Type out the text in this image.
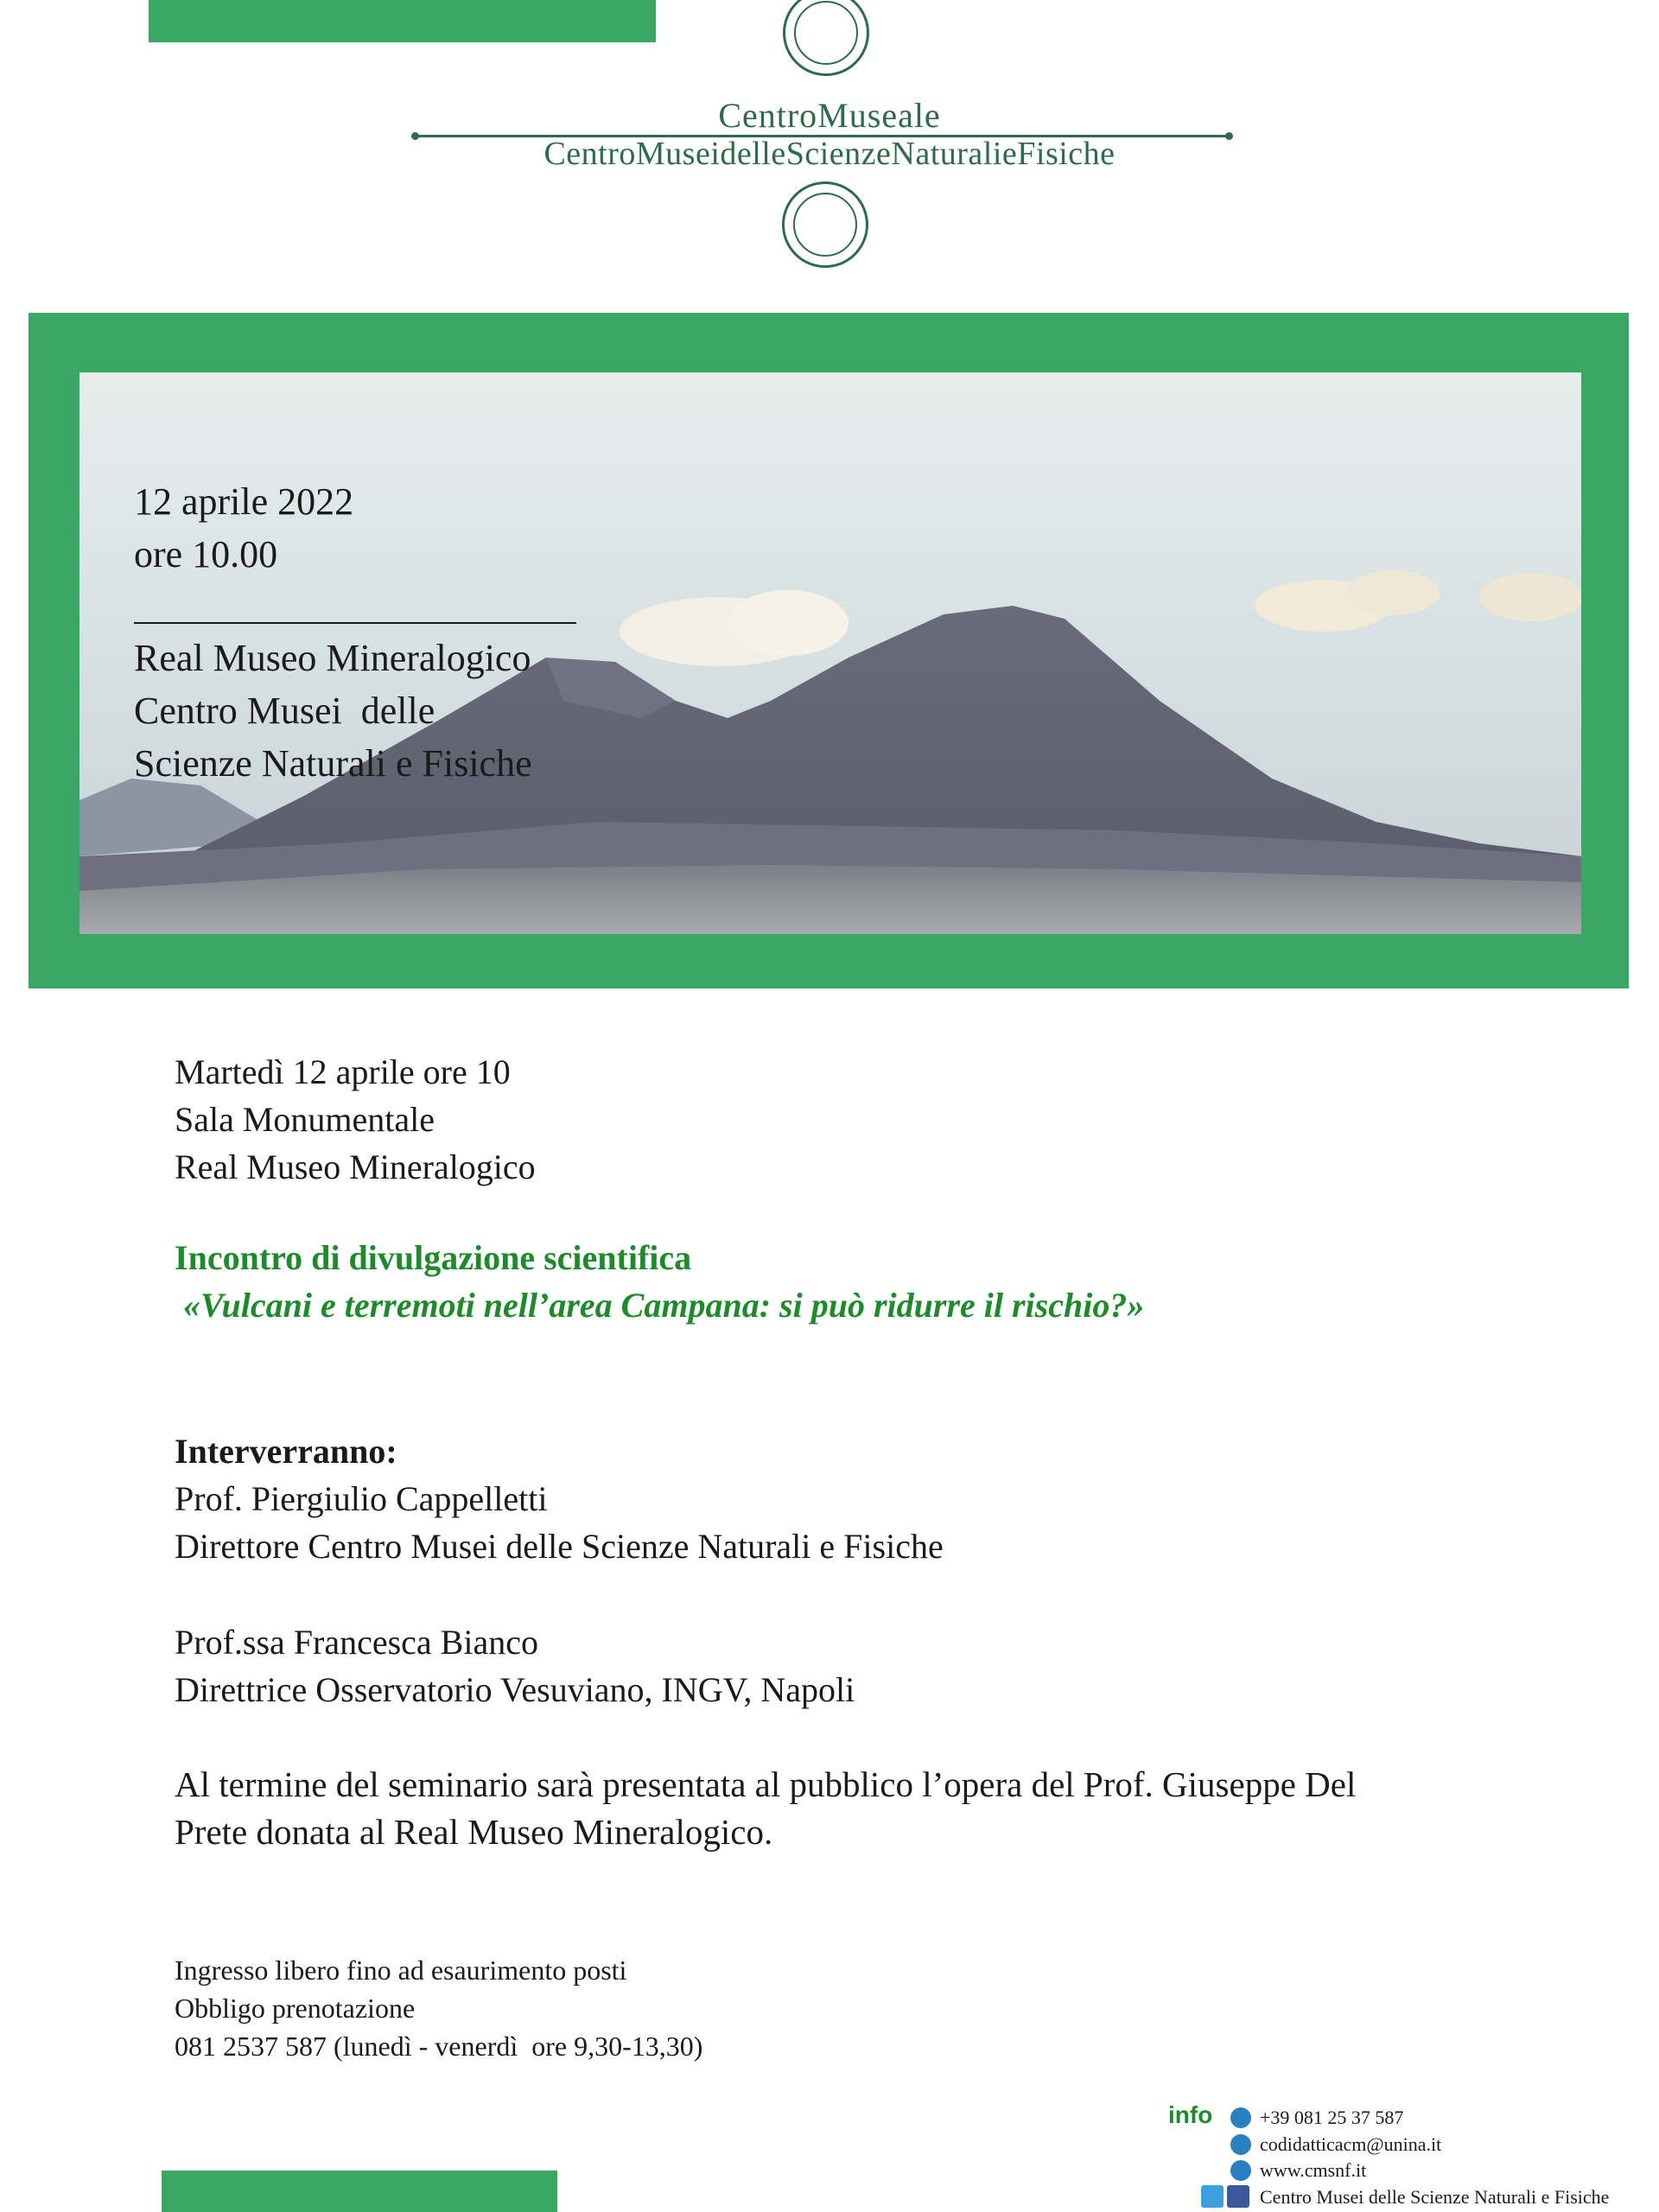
CentroMuseale
CentroMuseidelleScienzeNaturalieFisiche
12 aprile 2022
ore 10.00
Real Museo Mineralogico
Centro Musei  delle
Scienze Naturali e Fisiche
Martedì 12 aprile ore 10
Sala Monumentale
Real Museo Mineralogico
Incontro di divulgazione scientifica
«Vulcani e terremoti nell’area Campana: si può ridurre il rischio?»
Interverranno:
Prof. Piergiulio Cappelletti
Direttore Centro Musei delle Scienze Naturali e Fisiche
Prof.ssa Francesca Bianco
Direttrice Osservatorio Vesuviano, INGV, Napoli
Al termine del seminario sarà presentata al pubblico l’opera del Prof. Giuseppe Del
Prete donata al Real Museo Mineralogico.
Ingresso libero fino ad esaurimento posti
Obbligo prenotazione
081 2537 587 (lunedì - venerdì  ore 9,30-13,30)
info +39 081 25 37 587
codidatticacm@unina.it
www.cmsnf.it
Centro Musei delle Scienze Naturali e Fisiche
